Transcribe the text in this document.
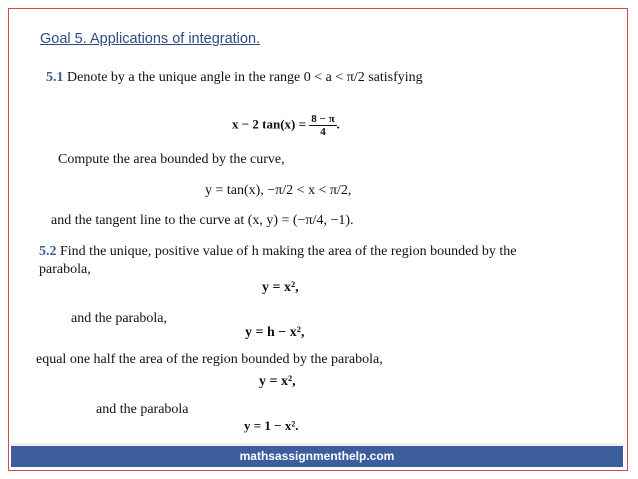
Goal 5. Applications of integration.
5.1 Denote by a the unique angle in the range 0 < a < π/2 satisfying
x − 2 $\tan(x) = \frac{8 - \pi}{4}$ .
Compute the area bounded by the curve,
y = tan(x), −π/2 < x < π/2,
and the tangent line to the curve at (x, y) = (−π/4, −1).
5.2 Find the unique, positive value of h making the area of the region bounded by the
parabola,
y = x²,
and the parabola,
y = h − x²,
equal one half the area of the region bounded by the parabola,
y = x²,
and the parabola
y = 1 − x².
mathsassignmenthelp.com
